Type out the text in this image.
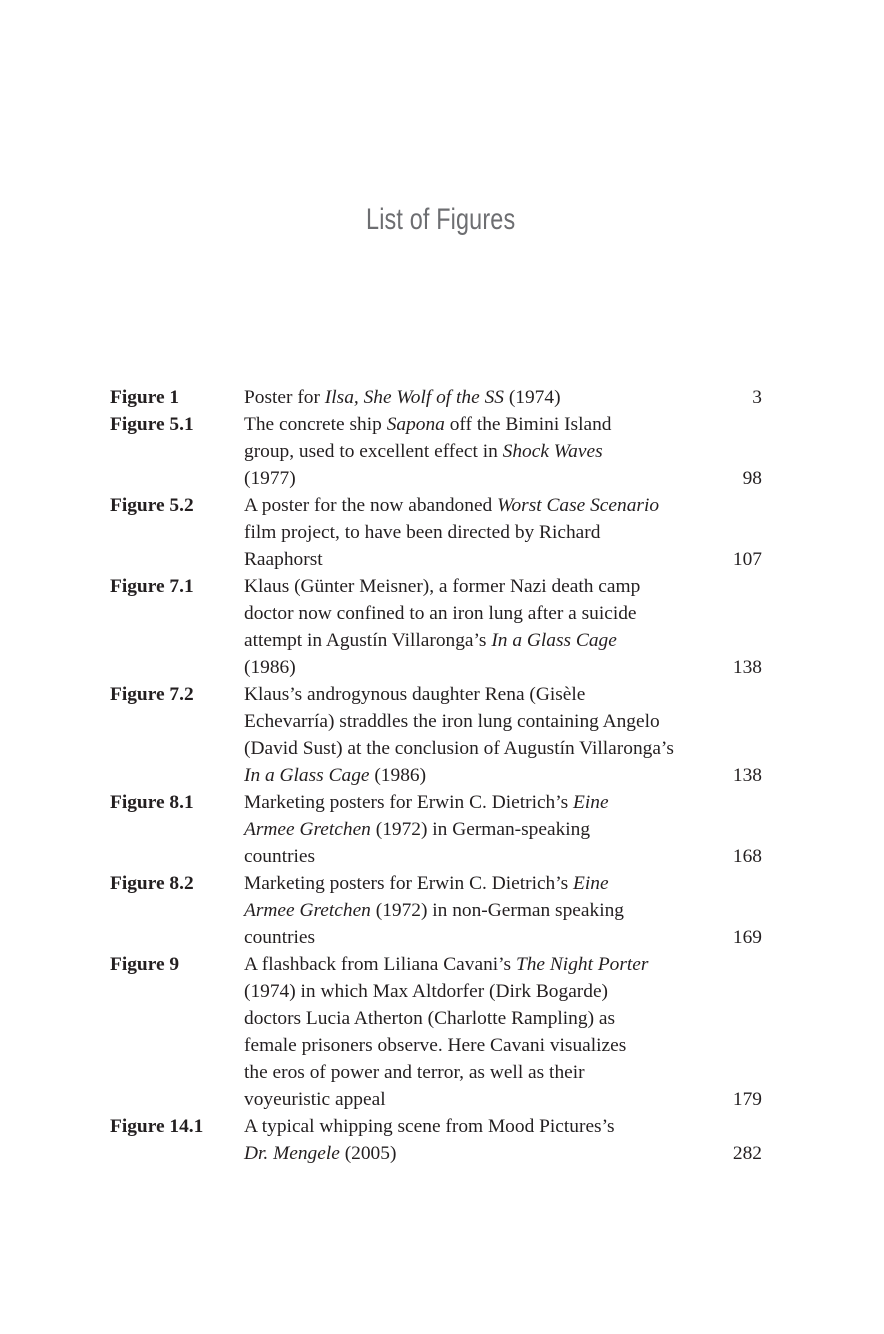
List of Figures
Figure 1	Poster for Ilsa, She Wolf of the SS (1974)	3
Figure 5.1	The concrete ship Sapona off the Bimini Island
group, used to excellent effect in Shock Waves
(1977)	98
Figure 5.2	A poster for the now abandoned Worst Case Scenario
film project, to have been directed by Richard
Raaphorst	107
Figure 7.1	Klaus (Günter Meisner), a former Nazi death camp
doctor now confined to an iron lung after a suicide
attempt in Agustín Villaronga’s In a Glass Cage
(1986)	138
Figure 7.2	Klaus’s androgynous daughter Rena (Gisèle
Echevarría) straddles the iron lung containing Angelo
(David Sust) at the conclusion of Augustín Villaronga’s
In a Glass Cage (1986)	138
Figure 8.1	Marketing posters for Erwin C. Dietrich’s Eine
Armee Gretchen (1972) in German-speaking
countries	168
Figure 8.2	Marketing posters for Erwin C. Dietrich’s Eine
Armee Gretchen (1972) in non-German speaking
countries	169
Figure 9	A flashback from Liliana Cavani’s The Night Porter
(1974) in which Max Altdorfer (Dirk Bogarde)
doctors Lucia Atherton (Charlotte Rampling) as
female prisoners observe. Here Cavani visualizes
the eros of power and terror, as well as their
voyeuristic appeal	179
Figure 14.1	A typical whipping scene from Mood Pictures’s
Dr. Mengele (2005)	282
